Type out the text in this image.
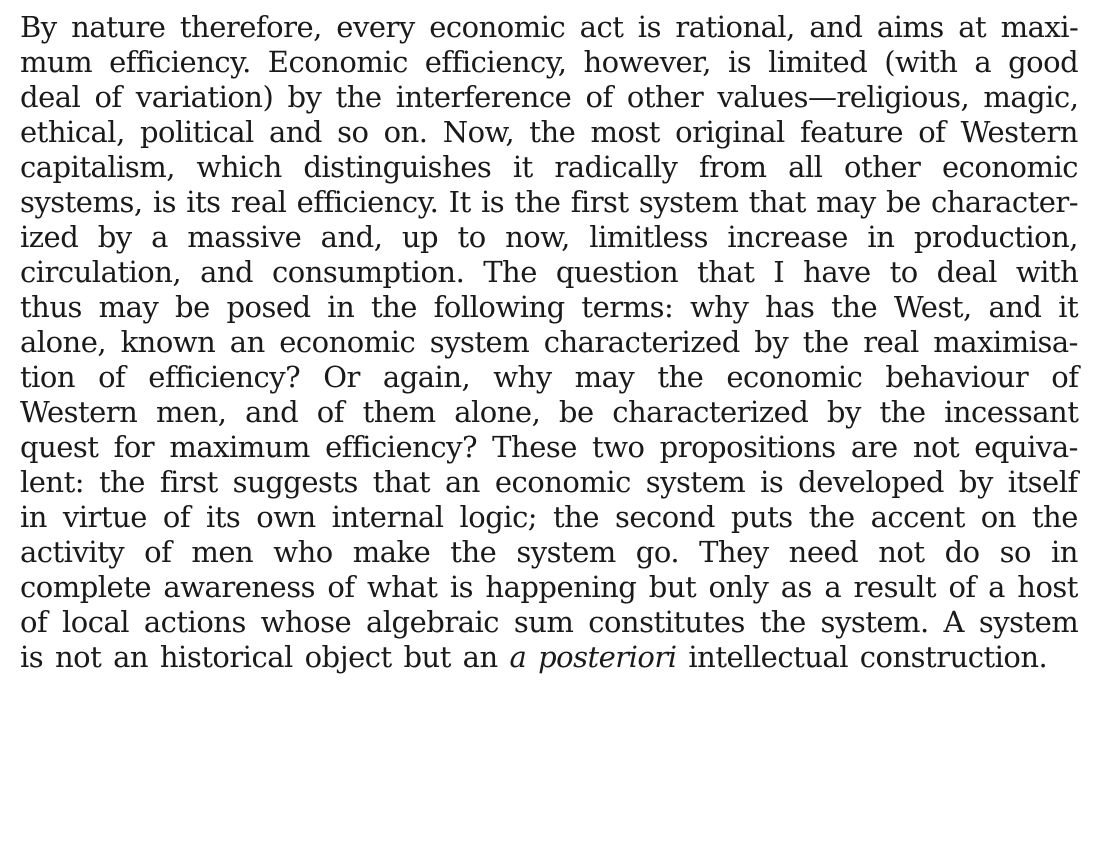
By nature therefore, every economic act is rational, and aims at maxi-
mum efficiency. Economic efficiency, however, is limited (with a good
deal of variation) by the interference of other values—religious, magic,
ethical, political and so on. Now, the most original feature of Western
capitalism, which distinguishes it radically from all other economic
systems, is its real efficiency. It is the first system that may be character-
ized by a massive and, up to now, limitless increase in production,
circulation, and consumption. The question that I have to deal with
thus may be posed in the following terms: why has the West, and it
alone, known an economic system characterized by the real maximisa-
tion of efficiency? Or again, why may the economic behaviour of
Western men, and of them alone, be characterized by the incessant
quest for maximum efficiency? These two propositions are not equiva-
lent: the first suggests that an economic system is developed by itself
in virtue of its own internal logic; the second puts the accent on the
activity of men who make the system go. They need not do so in
complete awareness of what is happening but only as a result of a host
of local actions whose algebraic sum constitutes the system. A system
is not an historical object but an a posteriori intellectual construction.
